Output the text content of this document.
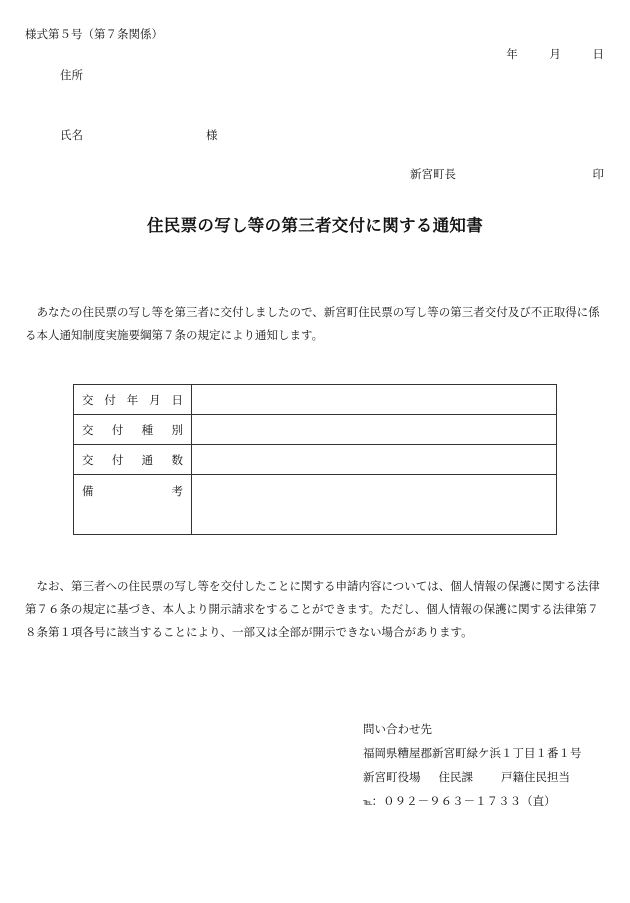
様式第５号（第７条関係）
年	月	日
住所
氏名	様
新宮町長	印
住民票の写し等の第三者交付に関する通知書
あなたの住民票の写し等を第三者に交付しましたので、新宮町住民票の写し等の第三者交付及び不正取得に係る本人通知制度実施要綱第７条の規定により通知します。
交付年月日	
交付種別	
交付通数	
備考	
なお、第三者への住民票の写し等を交付したことに関する申請内容については、個人情報の保護に関する法律第７６条の規定に基づき、本人より開示請求をすることができます。ただし、個人情報の保護に関する法律第７８条第１項各号に該当することにより、一部又は全部が開示できない場合があります。
問い合わせ先
福岡県糟屋郡新宮町緑ケ浜１丁目１番１号
新宮町役場 住民課 戸籍住民担当
℡：０９２－９６３－１７３３（直）
